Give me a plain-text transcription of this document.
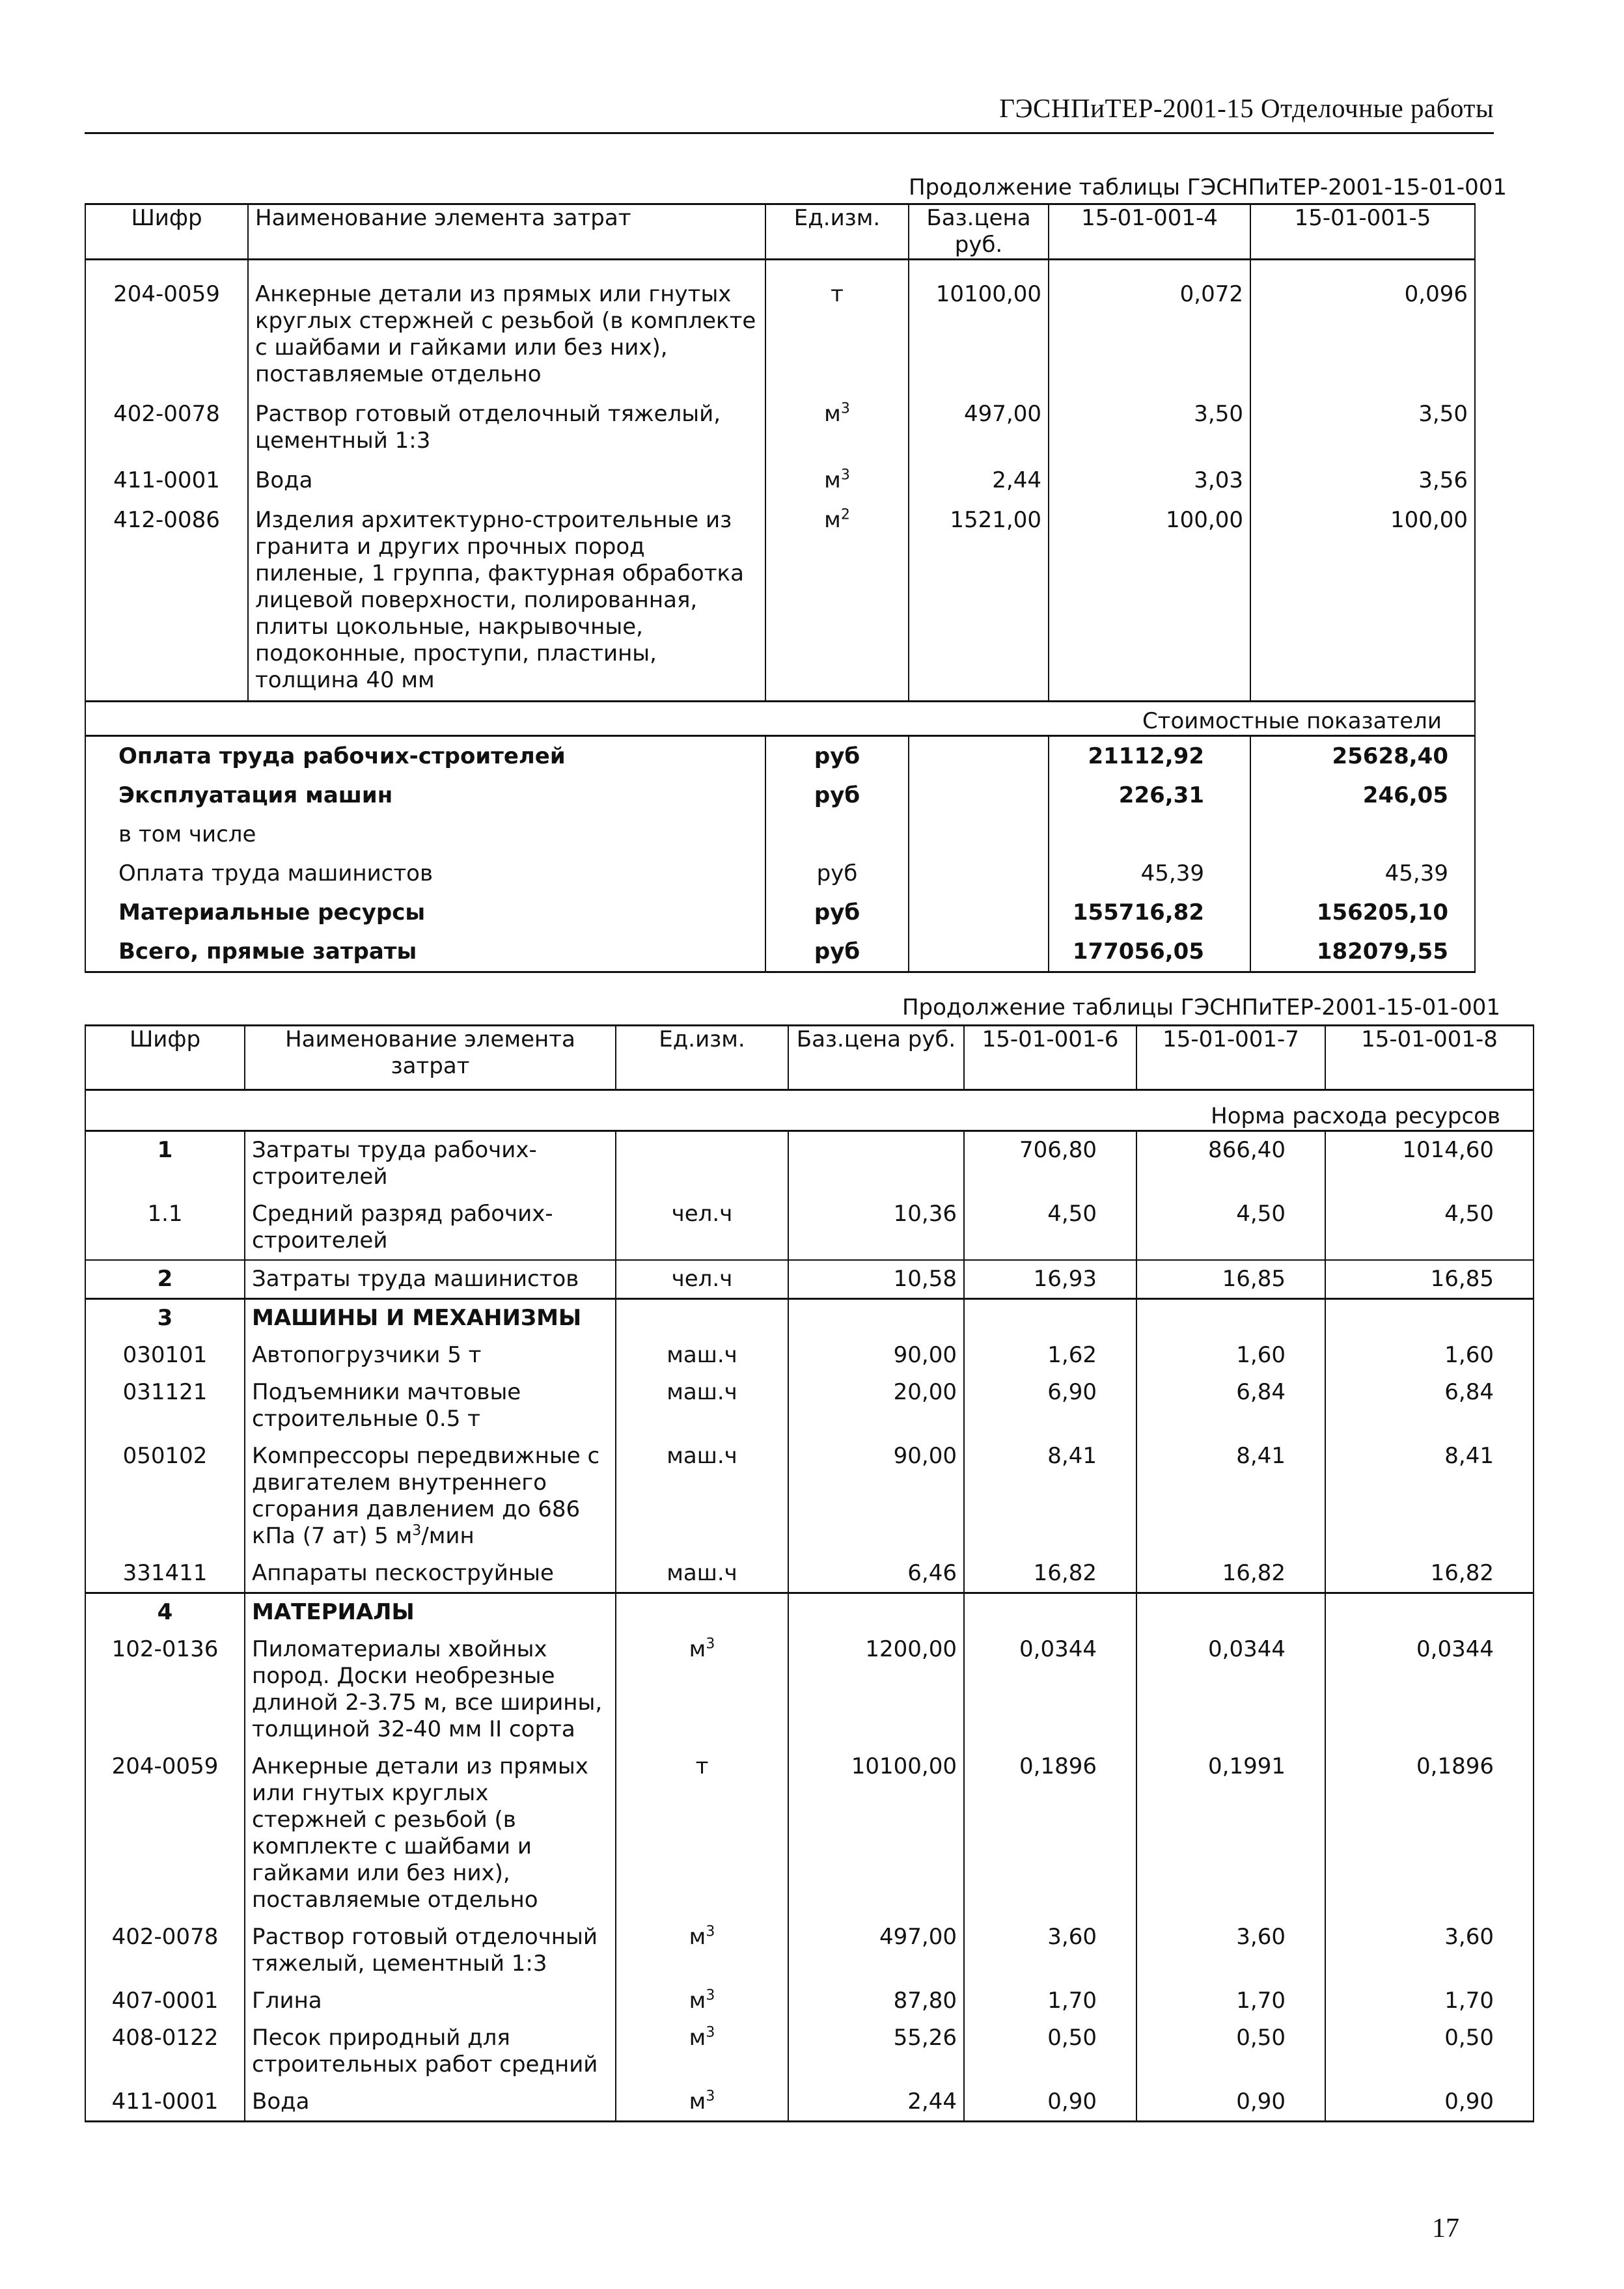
ГЭСНПиТЕР-2001-15 Отделочные работы
Продолжение таблицы ГЭСНПиТЕР-2001-15-01-001
Шифр	Наименование элемента затрат	Ед.изм.	Баз.цена руб.	15-01-001-4	15-01-001-5

204-0059	Анкерные детали из прямых или гнутых круглых стержней с резьбой (в комплекте с шайбами и гайками или без них), поставляемые отдельно	т	10100,00	0,072	0,096
402-0078	Раствор готовый отделочный тяжелый, цементный 1:3	$м^3$	497,00	3,50	3,50
411-0001	Вода	$м^3$	2,44	3,03	3,56
412-0086	Изделия архитектурно-строительные из гранита и других прочных пород пиленые, 1 группа, фактурная обработка лицевой поверхности, полированная, плиты цокольные, накрывочные, подоконные, проступи, пластины, толщина 40 мм	$м^2$	1521,00	100,00	100,00
Стоимостные показатели					
Оплата труда рабочих-строителей		руб		21112,92	25628,40
Эксплуатация машин		руб		226,31	246,05
в том числе					
Оплата труда машинистов		руб		45,39	45,39
Материальные ресурсы		руб		155716,82	156205,10
Всего, прямые затраты		руб		177056,05	182079,55
Продолжение таблицы ГЭСНПиТЕР-2001-15-01-001
Шифр	Наименование элемента затрат	Ед.изм.	Баз.цена руб.	15-01-001-6	15-01-001-7	15-01-001-8
Норма расхода ресурсов						
1	Затраты труда рабочих-строителей			706,80	866,40	1014,60
1.1	Средний разряд рабочих-строителей	чел.ч	10,36	4,50	4,50	4,50
2	Затраты труда машинистов	чел.ч	10,58	16,93	16,85	16,85
3	МАШИНЫ И МЕХАНИЗМЫ					
030101	Автопогрузчики 5 т	маш.ч	90,00	1,62	1,60	1,60
031121	Подъемники мачтовые строительные 0.5 т	маш.ч	20,00	6,90	6,84	6,84
050102	Компрессоры передвижные с двигателем внутреннего сгорания давлением до 686 кПа (7 ат) 5 $м^3$/мин	маш.ч	90,00	8,41	8,41	8,41
331411	Аппараты пескоструйные	маш.ч	6,46	16,82	16,82	16,82
4	МАТЕРИАЛЫ					
102-0136	Пиломатериалы хвойных пород. Доски необрезные длиной 2-3.75 м, все ширины, толщиной 32-40 мм II сорта	$м^3$	1200,00	0,0344	0,0344	0,0344
204-0059	Анкерные детали из прямых или гнутых круглых стержней с резьбой (в комплекте с шайбами и гайками или без них), поставляемые отдельно	т	10100,00	0,1896	0,1991	0,1896
402-0078	Раствор готовый отделочный тяжелый, цементный 1:3	$м^3$	497,00	3,60	3,60	3,60
407-0001	Глина	$м^3$	87,80	1,70	1,70	1,70
408-0122	Песок природный для строительных работ средний	$м^3$	55,26	0,50	0,50	0,50
411-0001	Вода	$м^3$	2,44	0,90	0,90	0,90
17
